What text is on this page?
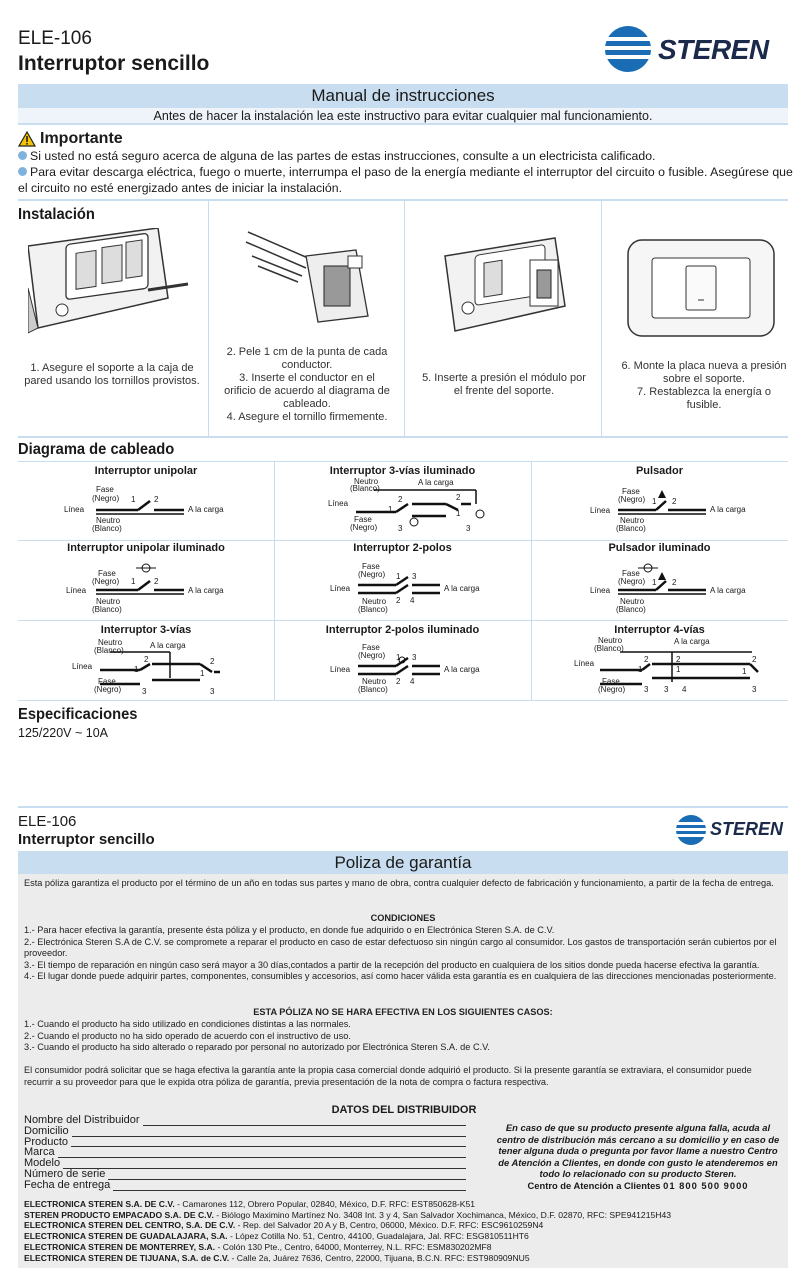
ELE-106
Interruptor sencillo	STEREN
Manual de instrucciones
Antes de hacer la instalación lea este instructivo para evitar cualquier mal funcionamiento.
Importante
Si usted no está seguro acerca de alguna de las partes de estas instrucciones, consulte a un electricista calificado.
Para evitar descarga eléctrica, fuego o muerte, interrumpa el paso de la energía mediante el interruptor del circuito o fusible. Asegúrese que el circuito no esté energizado antes de iniciar la instalación.
Instalación
1. Asegure el soporte a la caja de pared usando los tornillos provistos.
2. Pele 1 cm de la punta de cada conductor.
3. Inserte el conductor en el orificio de acuerdo al diagrama de cableado.
4. Asegure el tornillo firmemente.
5. Inserte a presión el módulo por el frente del soporte.
6. Monte la placa nueva a presión sobre el soporte.
7. Restablezca la energía o fusible.
Diagrama de cableado
Interruptor unipolar	Interruptor 3-vías iluminado	Pulsador
Interruptor unipolar iluminado	Interruptor 2-polos	Pulsador iluminado
Interruptor 3-vías	Interruptor 2-polos iluminado	Interruptor 4-vías
Fase
(Negro)
Línea
1 2
A la carga
Neutro
(Blanco)
Neutro
(Blanco)
A la carga
Línea	2
1
2
1
Fase
(Negro)	3	3
Fase
(Negro)
Línea
1 2
A la carga
Neutro
(Blanco)
Fase
(Negro)
Línea
1 2
A la carga
Neutro
(Blanco)
Fase
(Negro) 1 3
Línea	A la carga
2 4
Neutro
(Blanco)
Fase
(Negro)
Línea
1 2
A la carga
Neutro
(Blanco)
Neutro
(Blanco)
A la carga
Línea
2
1
2
1
Fase
(Negro)	3	3
Fase
(Negro) 1 3
Línea	A la carga
2 4
Neutro
(Blanco)
Neutro
(Blanco)
A la carga
Línea	2	2	2
1	1	1
Fase
(Negro) 3 3 4	3
Especificaciones
125/220V ~ 10A
ELE-106
Interruptor sencillo
STEREN
Poliza de garantía
Esta póliza garantiza el producto por el término de un año en todas sus partes y mano de obra, contra cualquier defecto de fabricación y funcionamiento, a partir de la fecha de entrega.
CONDICIONES
1.- Para hacer efectiva la garantía, presente ésta póliza y el producto, en donde fue adquirido o en Electrónica Steren S.A. de C.V.
2.- Electrónica Steren S.A de C.V. se compromete a reparar el producto en caso de estar defectuoso sin ningún cargo al consumidor. Los gastos de transportación serán cubiertos por el proveedor.
3.- El tiempo de reparación en ningún caso será mayor a 30 días,contados a partir de la recepción del producto en cualquiera de los sitios donde pueda hacerse efectiva la garantía.
4.- El lugar donde puede adquirir partes, componentes, consumibles y accesorios, así como hacer válida esta garantía es en cualquiera de las direcciones mencionadas posteriormente.
ESTA PÓLIZA NO SE HARA EFECTIVA EN LOS SIGUIENTES CASOS:
1.- Cuando el producto ha sido utilizado en condiciones distintas a las normales.
2.- Cuando el producto no ha sido operado de acuerdo con el instructivo de uso.
3.- Cuando el producto ha sido alterado o reparado por personal no autorizado por Electrónica Steren S.A. de C.V.
El consumidor podrá solicitar que se haga efectiva la garantía ante la propia casa comercial donde adquirió el producto. Si la presente garantía se extraviara, el consumidor puede recurrir a su proveedor para que le expida otra póliza de garantía, previa presentación de la nota de compra o factura respectiva.
DATOS DEL DISTRIBUIDOR
Nombre del Distribuidor
Domicilio
Producto
Marca
Modelo
Número de serie
Fecha de entrega
En caso de que su producto presente alguna falla, acuda al centro de distribución más cercano a su domicilio y en caso de tener alguna duda o pregunta por favor llame a nuestro Centro de Atención a Clientes, en donde con gusto le atenderemos en todo lo relacionado con su producto Steren.
Centro de Atención a Clientes 01 800 500 9000
ELECTRONICA STEREN S.A. DE C.V. - Camarones 112, Obrero Popular, 02840, México, D.F. RFC: EST850628-K51
STEREN PRODUCTO EMPACADO S.A. DE C.V. - Biólogo Maximino Martínez No. 3408 Int. 3 y 4, San Salvador Xochimanca, México, D.F. 02870, RFC: SPE941215H43
ELECTRONICA STEREN DEL CENTRO, S.A. DE C.V. - Rep. del Salvador 20 A y B, Centro, 06000, México. D.F. RFC: ESC9610259N4
ELECTRONICA STEREN DE GUADALAJARA, S.A. - López Cotilla No. 51, Centro, 44100, Guadalajara, Jal. RFC: ESG810511HT6
ELECTRONICA STEREN DE MONTERREY, S.A. - Colón 130 Pte., Centro, 64000, Monterrey, N.L. RFC: ESM830202MF8
ELECTRONICA STEREN DE TIJUANA, S.A. de C.V. - Calle 2a, Juárez 7636, Centro, 22000, Tijuana, B.C.N. RFC: EST980909NU5
